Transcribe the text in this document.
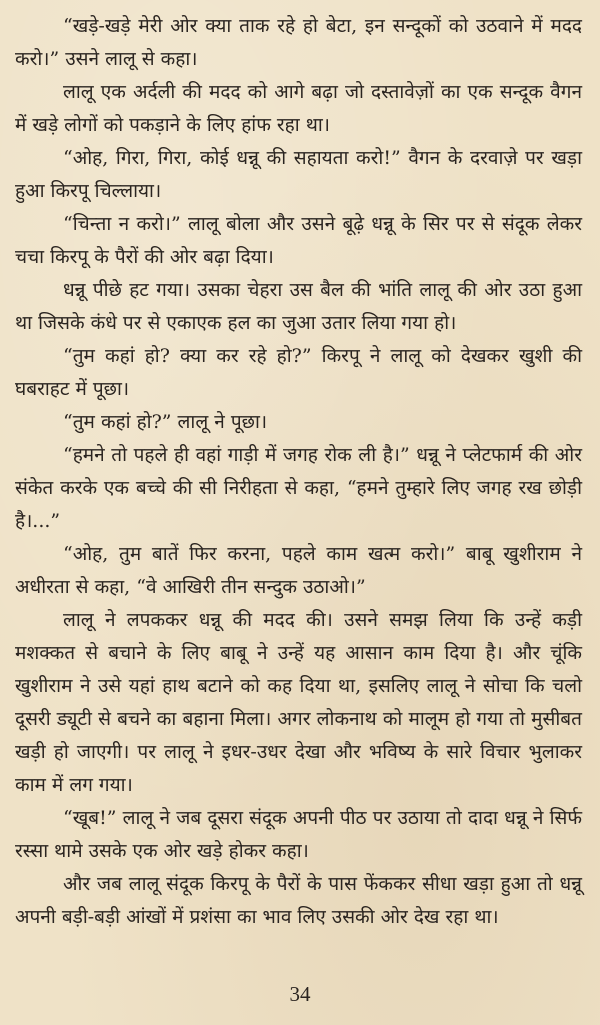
“खड़े-खड़े मेरी ओर क्या ताक रहे हो बेटा, इन सन्दूकों को उठवाने में मदद करो।” उसने लालू से कहा।

लालू एक अर्दली की मदद को आगे बढ़ा जो दस्तावेज़ों का एक सन्दूक वैगन में खड़े लोगों को पकड़ाने के लिए हांफ रहा था।

“ओह, गिरा, गिरा, कोई धन्नू की सहायता करो!” वैगन के दरवाज़े पर खड़ा हुआ किरपू चिल्लाया।

“चिन्ता न करो।” लालू बोला और उसने बूढ़े धन्नू के सिर पर से संदूक लेकर चचा किरपू के पैरों की ओर बढ़ा दिया।

धन्नू पीछे हट गया। उसका चेहरा उस बैल की भांति लालू की ओर उठा हुआ था जिसके कंधे पर से एकाएक हल का जुआ उतार लिया गया हो।

“तुम कहां हो? क्या कर रहे हो?” किरपू ने लालू को देखकर खुशी की घबराहट में पूछा।

“तुम कहां हो?” लालू ने पूछा।

“हमने तो पहले ही वहां गाड़ी में जगह रोक ली है।” धन्नू ने प्लेटफार्म की ओर संकेत करके एक बच्चे की सी निरीहता से कहा, “हमने तुम्हारे लिए जगह रख छोड़ी है।...”

“ओह, तुम बातें फिर करना, पहले काम खत्म करो।” बाबू खुशीराम ने अधीरता से कहा, “वे आखिरी तीन सन्दुक उठाओ।”

लालू ने लपककर धन्नू की मदद की। उसने समझ लिया कि उन्हें कड़ी मशक्कत से बचाने के लिए बाबू ने उन्हें यह आसान काम दिया है। और चूंकि खुशीराम ने उसे यहां हाथ बटाने को कह दिया था, इसलिए लालू ने सोचा कि चलो दूसरी ड्यूटी से बचने का बहाना मिला। अगर लोकनाथ को मालूम हो गया तो मुसीबत खड़ी हो जाएगी। पर लालू ने इधर-उधर देखा और भविष्य के सारे विचार भुलाकर काम में लग गया।

“खूब!” लालू ने जब दूसरा संदूक अपनी पीठ पर उठाया तो दादा धन्नू ने सिर्फ रस्सा थामे उसके एक ओर खड़े होकर कहा।

और जब लालू संदूक किरपू के पैरों के पास फेंककर सीधा खड़ा हुआ तो धन्नू अपनी बड़ी-बड़ी आंखों में प्रशंसा का भाव लिए उसकी ओर देख रहा था।

34
